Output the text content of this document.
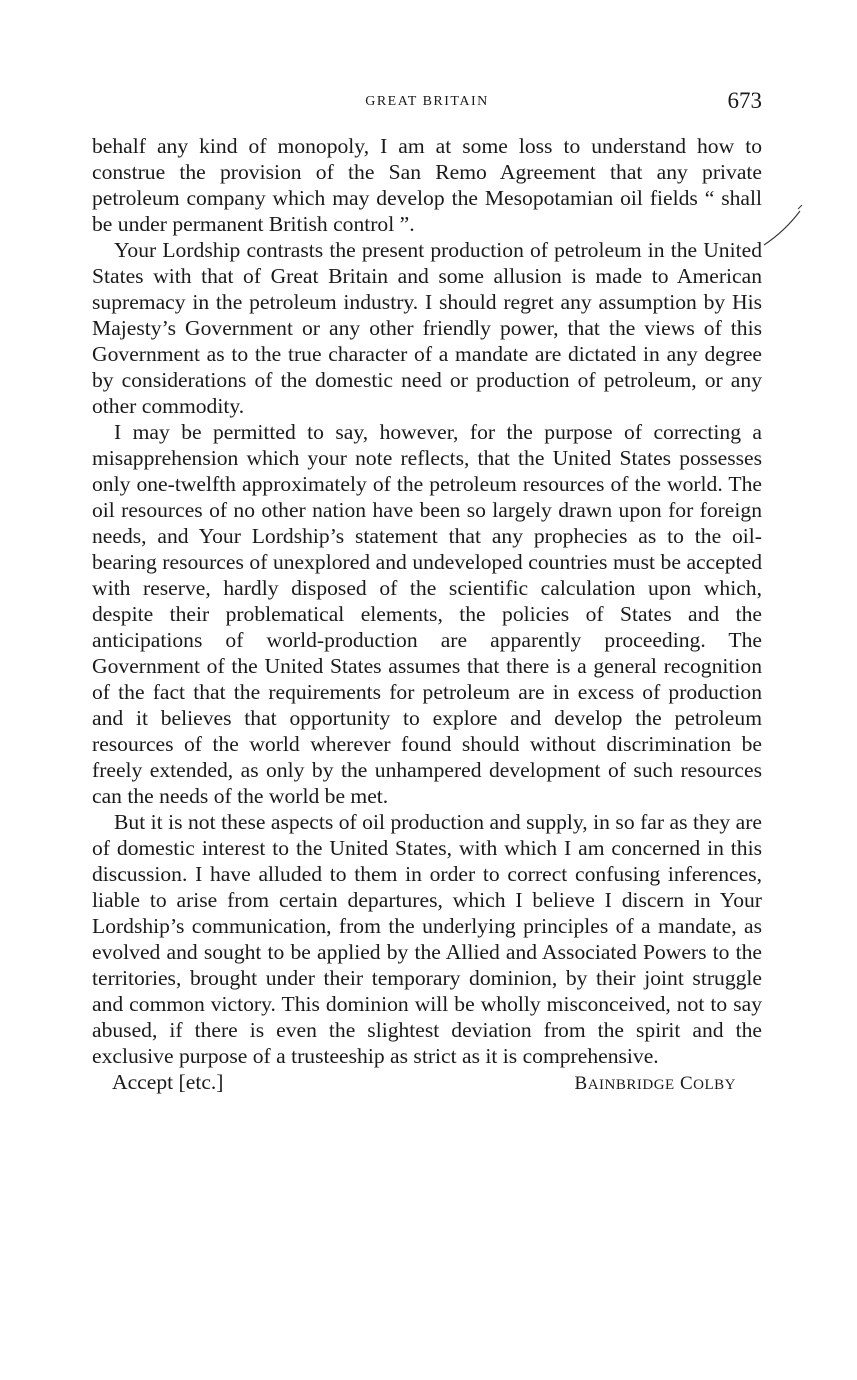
GREAT BRITAIN	673

behalf any kind of monopoly, I am at some loss to understand how to construe the provision of the San Remo Agreement that any private petroleum company which may develop the Mesopotamian oil fields “ shall be under permanent British control ”.

Your Lordship contrasts the present production of petroleum in the United States with that of Great Britain and some allusion is made to American supremacy in the petroleum industry. I should regret any assumption by His Majesty’s Government or any other friendly power, that the views of this Government as to the true character of a mandate are dictated in any degree by considerations of the domestic need or production of petroleum, or any other commodity.

I may be permitted to say, however, for the purpose of correcting a misapprehension which your note reflects, that the United States possesses only one-twelfth approximately of the petroleum resources of the world. The oil resources of no other nation have been so largely drawn upon for foreign needs, and Your Lordship’s statement that any prophecies as to the oil-bearing resources of unexplored and undeveloped countries must be accepted with reserve, hardly disposed of the scientific calculation upon which, despite their problematical elements, the policies of States and the anticipations of world-production are apparently proceeding. The Government of the United States assumes that there is a general recognition of the fact that the requirements for petroleum are in excess of production and it believes that opportunity to explore and develop the petroleum resources of the world wherever found should without discrimination be freely extended, as only by the unhampered development of such resources can the needs of the world be met.

But it is not these aspects of oil production and supply, in so far as they are of domestic interest to the United States, with which I am concerned in this discussion. I have alluded to them in order to correct confusing inferences, liable to arise from certain departures, which I believe I discern in Your Lordship’s communication, from the underlying principles of a mandate, as evolved and sought to be applied by the Allied and Associated Powers to the territories, brought under their temporary dominion, by their joint struggle and common victory. This dominion will be wholly misconceived, not to say abused, if there is even the slightest deviation from the spirit and the exclusive purpose of a trusteeship as strict as it is comprehensive.

Accept [etc.]	BAINBRIDGE COLBY
